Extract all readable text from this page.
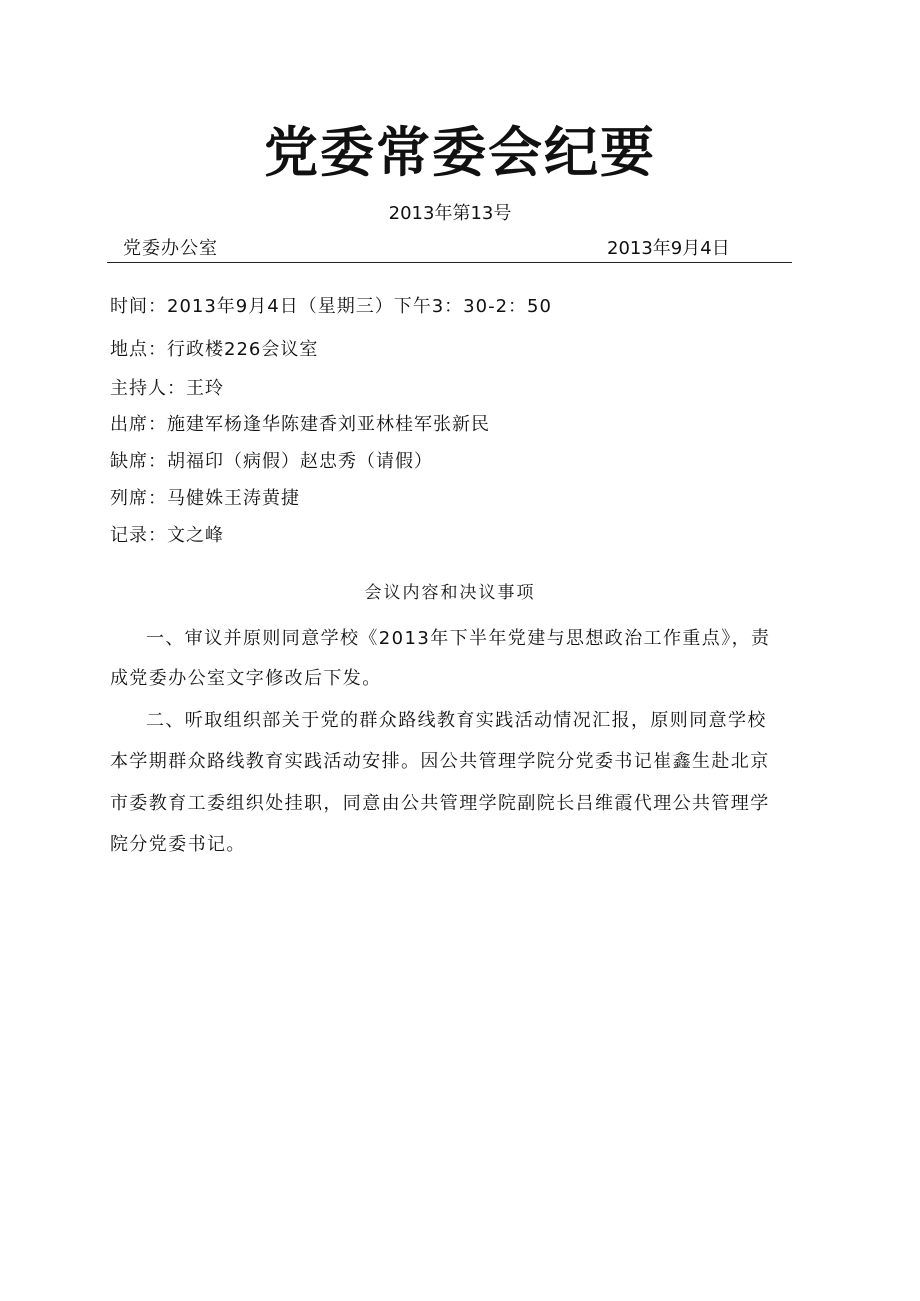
党委常委会纪要
2013年第13号
党委办公室	2013年9月4日
时间：2013年9月4日（星期三）下午3：30-2：50
地点：行政楼226会议室
主持人：王玲
出席：施建军杨逢华陈建香刘亚林桂军张新民
缺席：胡福印（病假）赵忠秀（请假）
列席：马健姝王涛黄捷
记录：文之峰
会议内容和决议事项
一、审议并原则同意学校《2013年下半年党建与思想政治工作重点》，责
成党委办公室文字修改后下发。
二、听取组织部关于党的群众路线教育实践活动情况汇报，原则同意学校
本学期群众路线教育实践活动安排。因公共管理学院分党委书记崔鑫生赴北京
市委教育工委组织处挂职，同意由公共管理学院副院长吕维霞代理公共管理学
院分党委书记。
